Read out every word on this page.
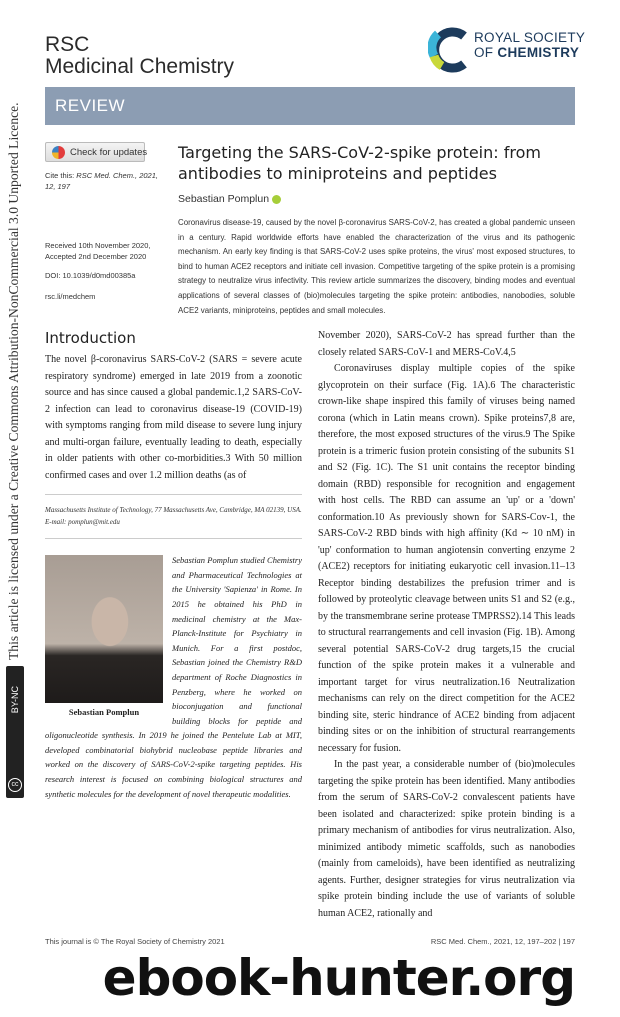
This article is licensed under a Creative Commons Attribution-NonCommercial 3.0 Unported Licence.
BY-NC
cc
RSC
Medicinal Chemistry
ROYAL SOCIETY
OF CHEMISTRY
REVIEW
Check for updates
Cite this: RSC Med. Chem., 2021, 12, 197
Received 10th November 2020,
Accepted 2nd December 2020
DOI: 10.1039/d0md00385a
rsc.li/medchem
Targeting the SARS-CoV-2-spike protein: from antibodies to miniproteins and peptides
Sebastian Pomplun
Coronavirus disease-19, caused by the novel β-coronavirus SARS-CoV-2, has created a global pandemic unseen in a century. Rapid worldwide efforts have enabled the characterization of the virus and its pathogenic mechanism. An early key finding is that SARS-CoV-2 uses spike proteins, the virus' most exposed structures, to bind to human ACE2 receptors and initiate cell invasion. Competitive targeting of the spike protein is a promising strategy to neutralize virus infectivity. This review article summarizes the discovery, binding modes and eventual applications of several classes of (bio)molecules targeting the spike protein: antibodies, nanobodies, soluble ACE2 variants, miniproteins, peptides and small molecules.
Introduction

The novel β-coronavirus SARS-CoV-2 (SARS = severe acute respiratory syndrome) emerged in late 2019 from a zoonotic source and has since caused a global pandemic.1,2 SARS-CoV-2 infection can lead to coronavirus disease-19 (COVID-19) with symptoms ranging from mild disease to severe lung injury and multi-organ failure, eventually leading to death, especially in older patients with other co-morbidities.3 With 50 million confirmed cases and over 1.2 million deaths (as of

Massachusetts Institute of Technology, 77 Massachusetts Ave, Cambridge, MA 02139, USA. E-mail: pomplun@mit.edu
Sebastian Pomplun
Sebastian Pomplun studied Chemistry and Pharmaceutical Technologies at the University 'Sapienza' in Rome. In 2015 he obtained his PhD in medicinal chemistry at the Max-Planck-Institute for Psychiatry in Munich. For a first postdoc, Sebastian joined the Chemistry R&D department of Roche Diagnostics in Penzberg, where he worked on bioconjugation and functional building blocks for peptide and oligonucleotide synthesis. In 2019 he joined the Pentelute Lab at MIT, developed combinatorial biohybrid nucleobase peptide libraries and worked on the discovery of SARS-CoV-2-spike targeting peptides. His research interest is focused on combining biological structures and synthetic molecules for the development of novel therapeutic modalities.

November 2020), SARS-CoV-2 has spread further than the closely related SARS-CoV-1 and MERS-CoV.4,5

Coronaviruses display multiple copies of the spike glycoprotein on their surface (Fig. 1A).6 The characteristic crown-like shape inspired this family of viruses being named corona (which in Latin means crown). Spike proteins7,8 are, therefore, the most exposed structures of the virus.9 The Spike protein is a trimeric fusion protein consisting of the subunits S1 and S2 (Fig. 1C). The S1 unit contains the receptor binding domain (RBD) responsible for recognition and engagement with host cells. The RBD can assume an 'up' or a 'down' conformation.10 As previously shown for SARS-Cov-1, the SARS-CoV-2 RBD binds with high affinity (Kd ∼ 10 nM) in 'up' conformation to human angiotensin converting enzyme 2 (ACE2) receptors for initiating eukaryotic cell invasion.11–13 Receptor binding destabilizes the prefusion trimer and is followed by proteolytic cleavage between units S1 and S2 (e.g., by the transmembrane serine protease TMPRSS2).14 This leads to structural rearrangements and cell invasion (Fig. 1B). Among several potential SARS-CoV-2 drug targets,15 the crucial function of the spike protein makes it a vulnerable and important target for virus neutralization.16 Neutralization mechanisms can rely on the direct competition for the ACE2 binding site, steric hindrance of ACE2 binding from adjacent binding sites or on the inhibition of structural rearrangements necessary for fusion.

In the past year, a considerable number of (bio)molecules targeting the spike protein has been identified. Many antibodies from the serum of SARS-CoV-2 convalescent patients have been isolated and characterized: spike protein binding is a primary mechanism of antibodies for virus neutralization. Also, minimized antibody mimetic scaffolds, such as nanobodies (mainly from cameloids), have been identified as neutralizing agents. Further, designer strategies for virus neutralization via spike protein binding include the use of variants of soluble human ACE2, rationally and

This journal is © The Royal Society of Chemistry 2021	RSC Med. Chem., 2021, 12, 197–202 | 197
ebook-hunter.org
